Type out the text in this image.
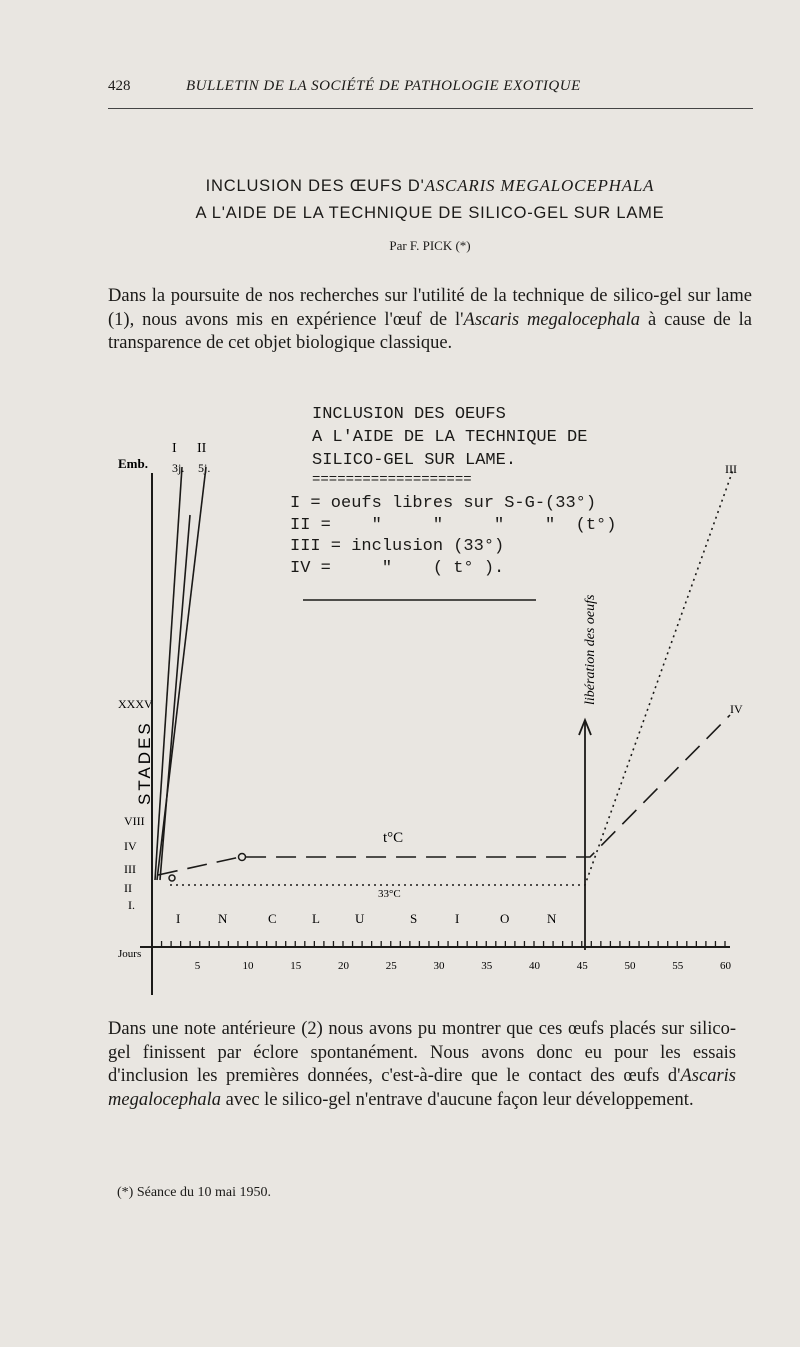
428	BULLETIN DE LA SOCIÉTÉ DE PATHOLOGIE EXOTIQUE
INCLUSION DES ŒUFS D'ASCARIS MEGALOCEPHALA
A L'AIDE DE LA TECHNIQUE DE SILICO-GEL SUR LAME
Par F. PICK (*)
Dans la poursuite de nos recherches sur l'utilité de la technique de silico-gel sur lame (1), nous avons mis en expérience l'œuf de l'Ascaris megalocephala à cause de la transparence de cet objet biologique classique.
INCLUSION DES OEUFS
A L'AIDE DE LA TECHNIQUE DE
SILICO-GEL SUR LAME.
===================
I = oeufs libres sur S-G-(33°)
II =    "     "     "    "  (t°)
III = inclusion (33°)
IV =     "    ( t° ).
Emb.
STADES
XXXV
VIII
IV
III
II
I.
I II
3j. 5j.	III
IV
t°C
33°C
libération des oeufs
I	N	C	L	U	S	I	O	N
5	10	15	20	25	30	35	40	45	50	55	60
Jours
Dans une note antérieure (2) nous avons pu montrer que ces œufs placés sur silico-gel finissent par éclore spontanément. Nous avons donc eu pour les essais d'inclusion les premières données, c'est-à-dire que le contact des œufs d'Ascaris megalocephala avec le silico-gel n'entrave d'aucune façon leur développement.
(*) Séance du 10 mai 1950.
